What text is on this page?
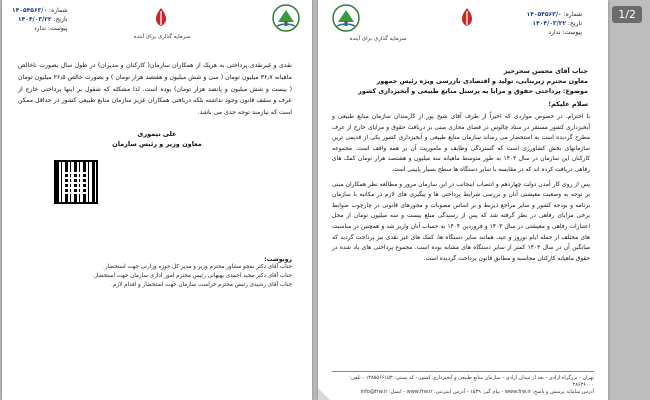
1/2
سرمایه گذاری برای آینده
شماره: ۱۴۰۵۴۵۶۳/۰
تاریخ: ۱۴۰۴/۰۳/۲۲
پیوست: ندارد

نقدی و غیرنقدی پرداختی به هریک از همکاران سازمان( کارکنان و مدیران) در طول سال بصورت ناخالص ماهیانه ۳۶٫۷ میلیون تومان ( سی و شش میلیون و هفتصد هزار تومان ) و بصورت خالص ۲۶٫۵ میلیون تومان ( بیست و شش میلیون و پانصد هزار تومان) بوده است. لذا مشکله که شقول بر اینها پرداختی خارج از عرف و سقف قانون وجود نداشته بلکه دریافتی همکاران عزیز سازمان منابع طبیعی کشور در حداقل ممکن است که نیازمند توجه جدی می باشد.

علی تیموری
معاون وزیر و رئیس سازمان
رونوشت:
جناب آقای دکتر نمجو مشاور محترم وزیر و مدیر کل حوزه وزارتی جهت استحضار.
جناب آقای دکتر مجید احمدی بهبهانی رئیس محترم امور اداری سازمان جهت استحضار.
جناب آقای رشیدی رئیس محترم حراست سازمان جهت استحضار و اقدام لازم.
سرمایه گذاری برای آینده
شماره: ۱۴۰۵۴۵۶۳/۰
تاریخ: ۱۴۰۴/۰۳/۲۲
پیوست: ندارد
جناب آقای محسن سحرخیز
معاون محترم زیربنایی، تولید و اقتصادی بازرسی ویژه رئیس جمهور
موضوع: پرداختی حقوق و مزایا به پرسنل منابع طبیعی و آبخیزداری کشور
سلام علیکم؛

با احترام، در خصوص مواردی که اخیراً از طرف آقای شیخ پور از کارمندان سازمان منابع طبیعی و آبخیزداری کشور مستقر در ستاد چالوس در فضای مجازی مبنی بر دریافت حقوق و مزایای خارج از عرف مطرح گردیده است به استحضار می رساند سازمان منابع طبیعی و آبخیزداری کشور یکی از قدیمی ترین سازمانهای بخش کشاورزی است که گستردگی وظایف و ماموریت آن بر همه واقف است. مجموعه کارکنان این سازمان در سال ۱۴۰۳ به طور متوسط ماهیانه سه میلیون و هشتصد هزار تومان کمک های رفاهی دریافت کرده اند که در مقایسه با سایر دستگاه ها سطح بسیار پایینی است.

پس از روی کار آمدن دولت چهاردهم و انتصاب اینجانب در این سازمان مرور و مطالعه نظر همکاران مبنی بر توجه به وضعیت معیشتی آنان و بررسی شرایط پرداختی ها و پیگیری های لازم در مکاتبه با سازمان برنامه و بودجه کشور و سایر مراجع ذیربط و بر اساس مصوبات و مجوزهای قانونی در چارچوب ضوابط برخی مزایای رفاهی در نظر گرفته شد که پس از رسیدگی مبلغ بیست و سه میلیون تومان از محل اعتبارات رفاهی و معیشتی در سال ۱۴۰۳ و فروردین ۱۴۰۴ به حساب آنان واریز شد و همچنین در مناسبت های مختلف از جمله ایام نوروز و عید، همانند سایر دستگاه ها، کمک های غیر نقدی نیز پرداخت گردید که میانگین آن در سال ۱۴۰۳ کمتر از سایر دستگاه های مشابه بوده است. مجموع پرداختی های یاد شده در حقوق ماهیانه کارکنان محاسبه و مطابق قانون پرداخت گردیده است.

تهران - بزرگراه ازادی - بعد از میدان ازادی - سازمان منابع طبیعی و آبخیزداری کشور - کد پستی: ۱۳۸۵۵۶۶۱۵۳ - تلفن: ۴۸۶۳۶۰۰۰
آدرس سامانه پرسش و پاسخ: www.frw.ir - پیام گیر: ۱۵۳۹ - آدرس اینترنتی: www.frw.ir - ایمیل: info@frw.ir
